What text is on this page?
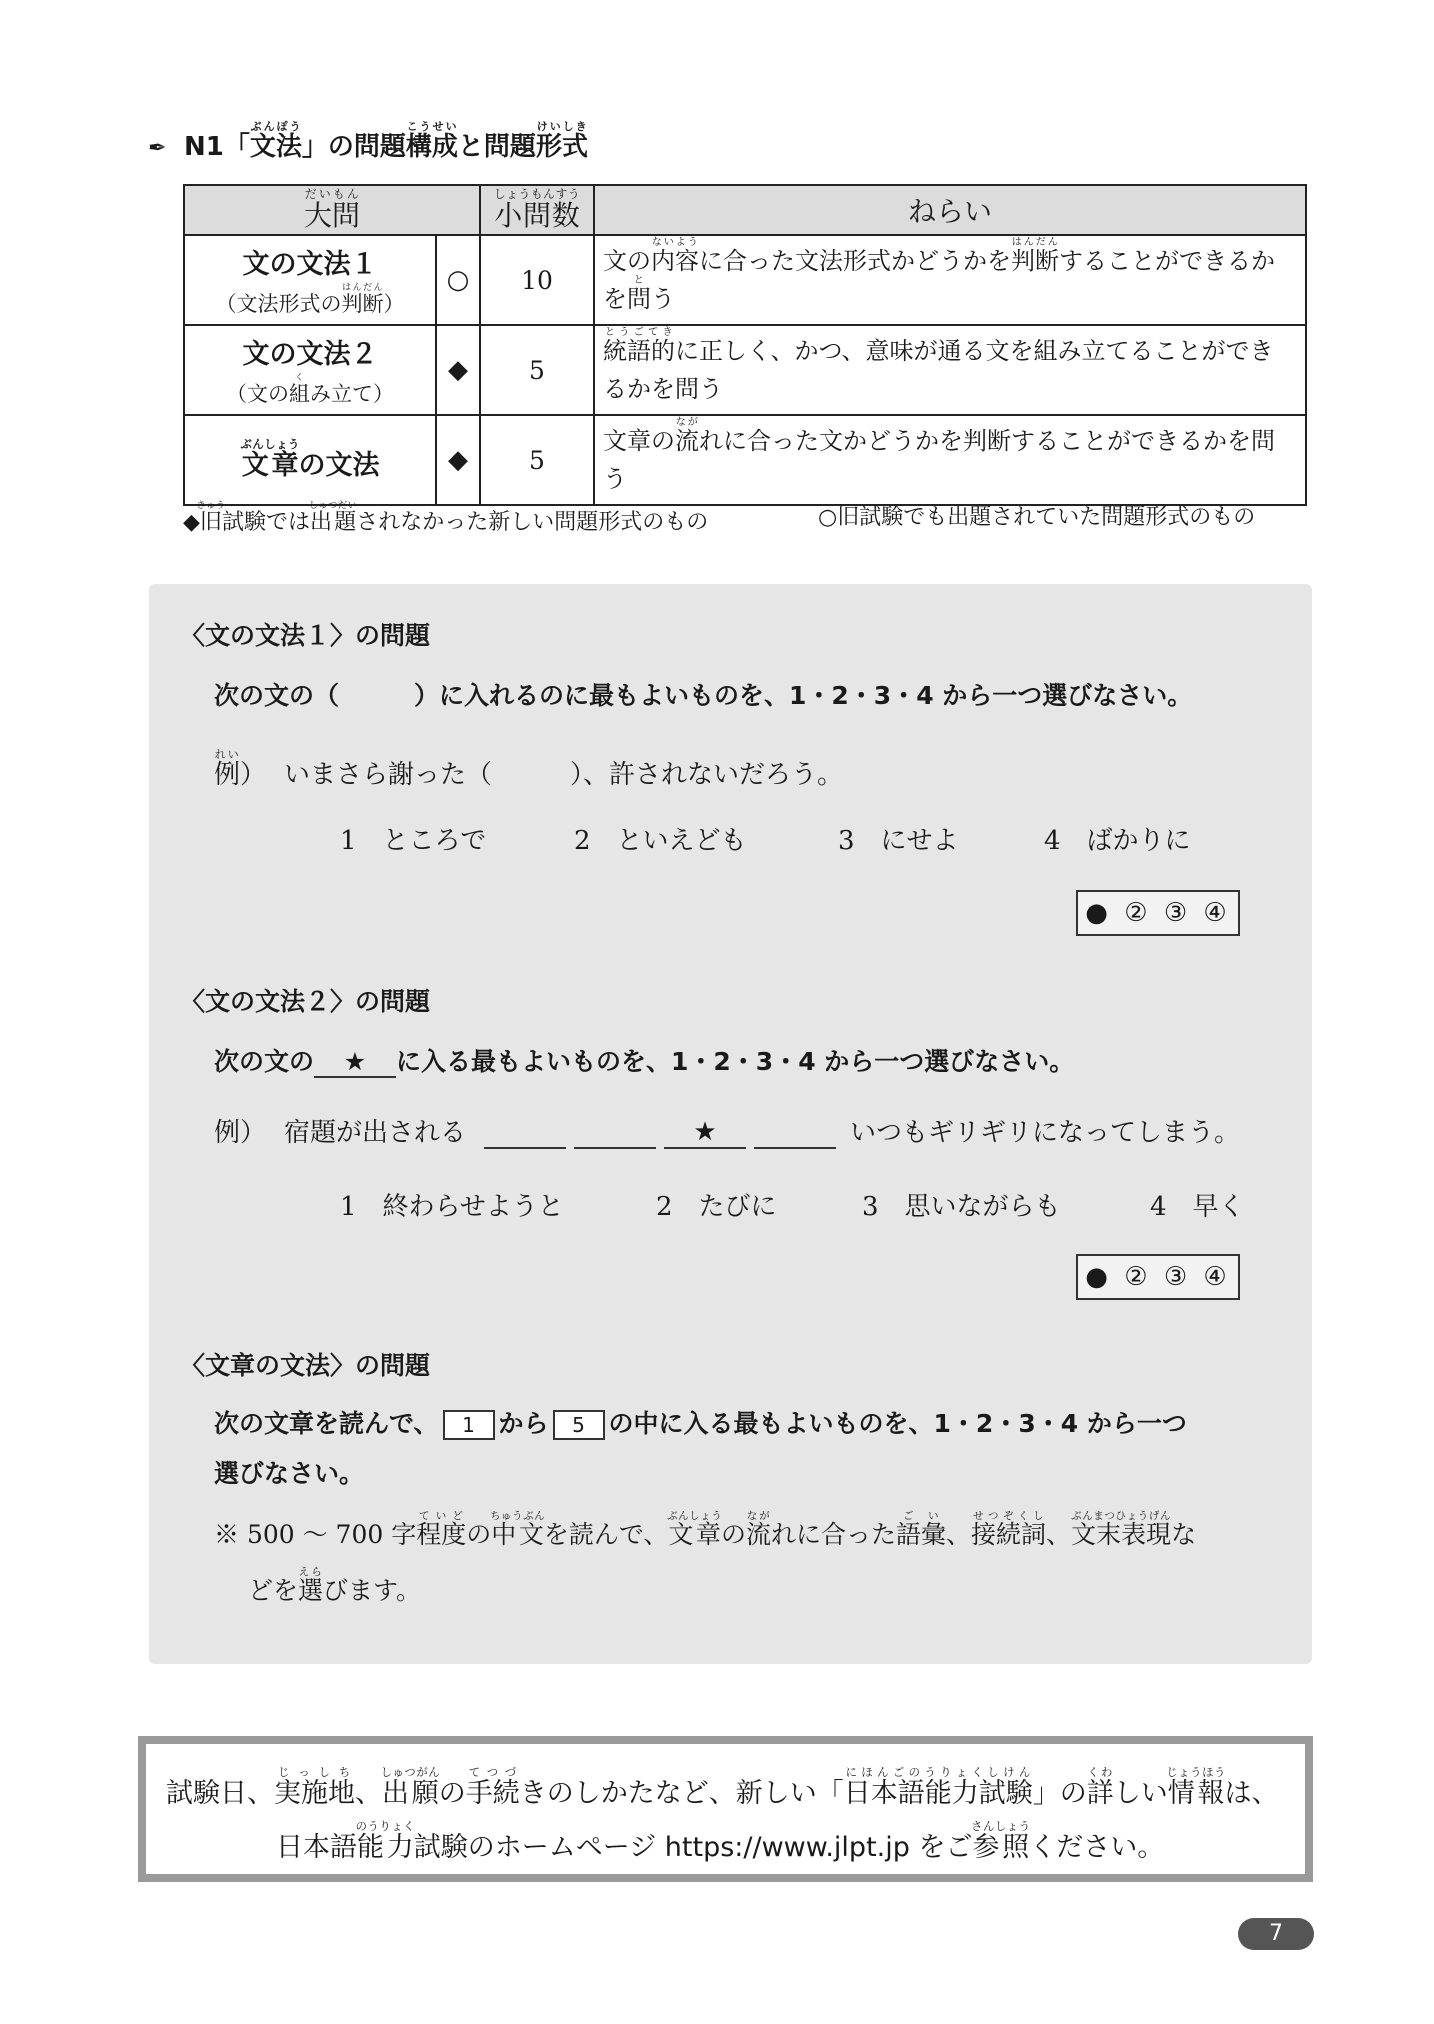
✒ N1「文法ぶんぽう」の問題構成こうせいと問題形式けいしき
大問だいもん		小問数しょうもんすう	ねらい

文の文法１
（文法形式の判断はんだん）	○	10	文の内容ないように合った文法形式かどうかを判断はんだんすることができるかを問とう

文の文法２
（文の組くみ立て）	◆	5	統語的とうごてきに正しく、かつ、意味が通る文を組み立てることができるかを問う

文章ぶんしょうの文法	◆	5	文章の流ながれに合った文かどうかを判断することができるかを問う
◆旧きゅう試験では出題しゅつだいされなかった新しい問題形式のもの	○旧試験でも出題されていた問題形式のもの
〈文の文法１〉の問題
次の文の（　　　）に入れるのに最もよいものを、1・2・3・4 から一つ選びなさい。
例れい） いまさら謝った（　　　）、許されないだろう。
1　ところで	2　といえども	3　にせよ	4　ばかりに
● ② ③ ④
〈文の文法２〉の問題
次の文の ★ に入る最もよいものを、1・2・3・4 から一つ選びなさい。
例） 宿題が出される	★	いつもギリギリになってしまう。
1　終わらせようと	2　たびに	3　思いながらも	4　早く
● ② ③ ④
〈文章の文法〉の問題
次の文章を読んで、 1 から 5 の中に入る最もよいものを、1・2・3・4 から一つ
選びなさい。
※ 500 ～ 700 字程度ていどの中文ちゅうぶんを読んで、文章ぶんしょうの流ながれに合った語彙ごい、接続詞せつぞくし、文末表現ぶんまつひょうげんな
どを選えらびます。
試験日、実施地じっしち、出願しゅつがんの手続てつづきのしかたなど、新しい「日本語能力試験にほんごのうりょくしけん」の詳くわしい情報じょうほうは、
日本語能力のうりょく試験のホームページ https://www.jlpt.jp をご参照さんしょうください。
7
